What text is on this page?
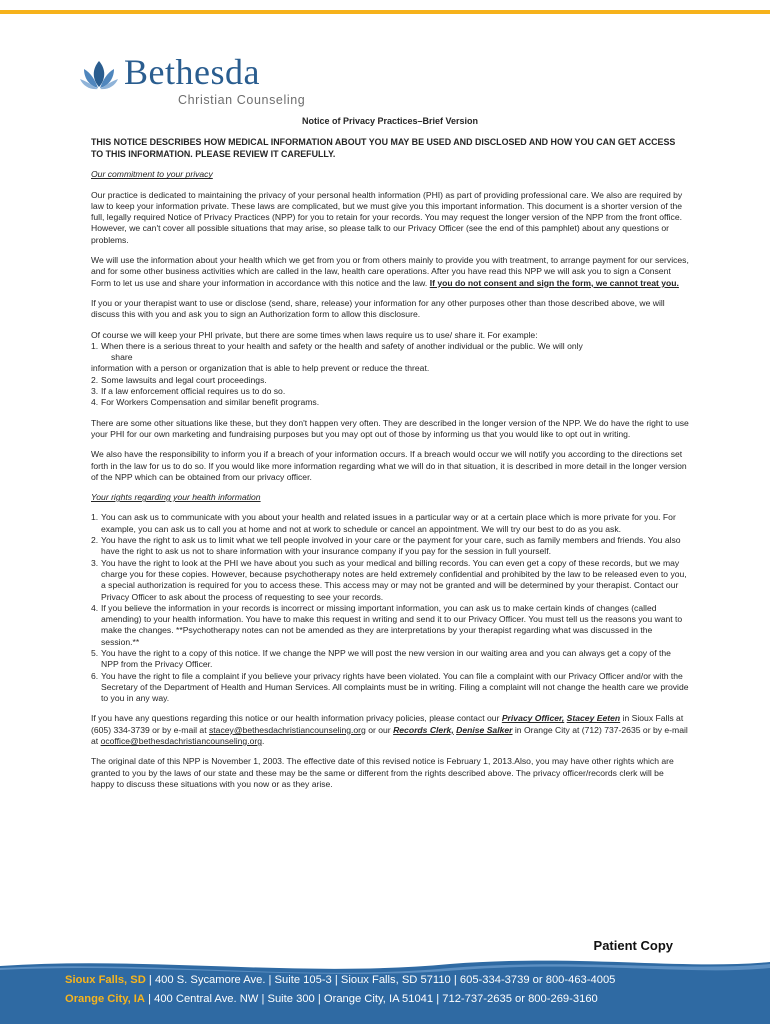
Bethesda
Christian Counseling
Notice of Privacy Practices–Brief Version
THIS NOTICE DESCRIBES HOW MEDICAL INFORMATION ABOUT YOU MAY BE USED AND DISCLOSED AND HOW YOU CAN GET ACCESS TO THIS INFORMATION. PLEASE REVIEW IT CAREFULLY.
Our commitment to your privacy

Our practice is dedicated to maintaining the privacy of your personal health information (PHI) as part of providing professional care. We also are required by law to keep your information private. These laws are complicated, but we must give you this important information. This document is a shorter version of the full, legally required Notice of Privacy Practices (NPP) for you to retain for your records. You may request the longer version of the NPP from the front office. However, we can't cover all possible situations that may arise, so please talk to our Privacy Officer (see the end of this pamphlet) about any questions or problems.

We will use the information about your health which we get from you or from others mainly to provide you with treatment, to arrange payment for our services, and for some other business activities which are called in the law, health care operations. After you have read this NPP we will ask you to sign a Consent Form to let us use and share your information in accordance with this notice and the law. If you do not consent and sign the form, we cannot treat you.

If you or your therapist want to use or disclose (send, share, release) your information for any other purposes other than those described above, we will discuss this with you and ask you to sign an Authorization form to allow this disclosure.

Of course we will keep your PHI private, but there are some times when laws require us to use/ share it. For example:
1. When there is a serious threat to your health and safety or the health and safety of another individual or the public. We will only
share
information with a person or organization that is able to help prevent or reduce the threat.
2. Some lawsuits and legal court proceedings.
3. If a law enforcement official requires us to do so.
4. For Workers Compensation and similar benefit programs.

There are some other situations like these, but they don't happen very often. They are described in the longer version of the NPP. We do have the right to use your PHI for our own marketing and fundraising purposes but you may opt out of those by informing us that you would like to opt out in writing.

We also have the responsibility to inform you if a breach of your information occurs. If a breach would occur we will notify you according to the directions set forth in the law for us to do so. If you would like more information regarding what we will do in that situation, it is described in more detail in the longer version of the NPP which can be obtained from our privacy officer.

Your rights regarding your health information
1. You can ask us to communicate with you about your health and related issues in a particular way or at a certain place which is more private for you. For example, you can ask us to call you at home and not at work to schedule or cancel an appointment. We will try our best to do as you ask.
2. You have the right to ask us to limit what we tell people involved in your care or the payment for your care, such as family members and friends. You also have the right to ask us not to share information with your insurance company if you pay for the session in full yourself.
3. You have the right to look at the PHI we have about you such as your medical and billing records. You can even get a copy of these records, but we may charge you for these copies. However, because psychotherapy notes are held extremely confidential and prohibited by the law to be released even to you, a special authorization is required for you to access these. This access may or may not be granted and will be determined by your therapist. Contact our Privacy Officer to ask about the process of requesting to see your records.
4. If you believe the information in your records is incorrect or missing important information, you can ask us to make certain kinds of changes (called amending) to your health information. You have to make this request in writing and send it to our Privacy Officer. You must tell us the reasons you want to make the changes. **Psychotherapy notes can not be amended as they are interpretations by your therapist regarding what was discussed in the session.**
5. You have the right to a copy of this notice. If we change the NPP we will post the new version in our waiting area and you can always get a copy of the NPP from the Privacy Officer.
6. You have the right to file a complaint if you believe your privacy rights have been violated. You can file a complaint with our Privacy Officer and/or with the Secretary of the Department of Health and Human Services. All complaints must be in writing. Filing a complaint will not change the health care we provide to you in any way.

If you have any questions regarding this notice or our health information privacy policies, please contact our Privacy Officer, Stacey Eeten in Sioux Falls at (605) 334-3739 or by e-mail at stacey@bethesdachristiancounseling.org or our Records Clerk, Denise Salker in Orange City at (712) 737-2635 or by e-mail at ocoffice@bethesdachristiancounseling.org.

The original date of this NPP is November 1, 2003. The effective date of this revised notice is February 1, 2013.Also, you may have other rights which are granted to you by the laws of our state and these may be the same or different from the rights described above. The privacy officer/records clerk will be happy to discuss these situations with you now or as they arise.

Patient Copy
Sioux Falls, SD | 400 S. Sycamore Ave. | Suite 105-3 | Sioux Falls, SD 57110 | 605-334-3739 or 800-463-4005
Orange City, IA | 400 Central Ave. NW | Suite 300 | Orange City, IA 51041 | 712-737-2635 or 800-269-3160
